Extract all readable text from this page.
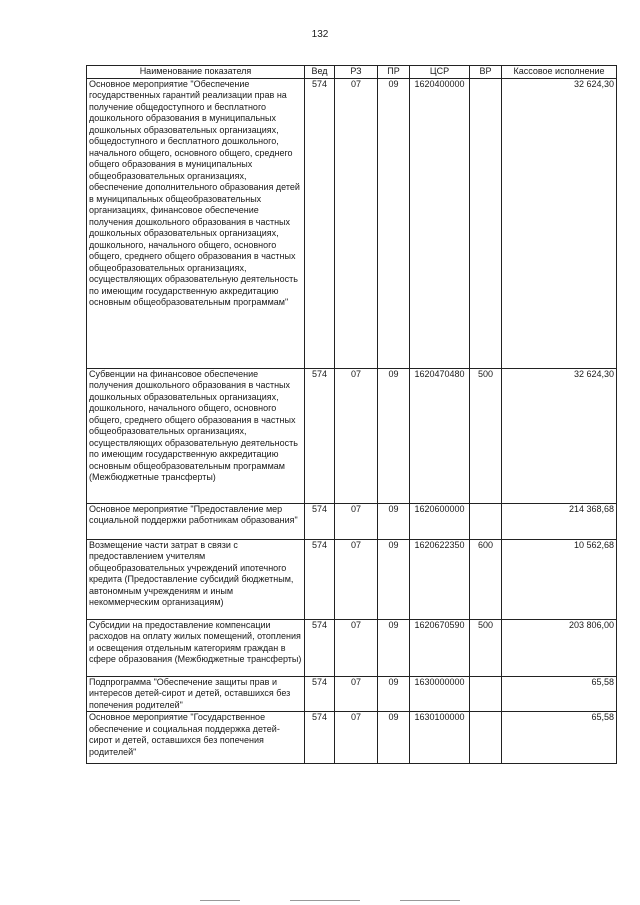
132
Наименование показателя	Вед	РЗ	ПР	ЦСР	ВР	Кассовое исполнение
Основное мероприятие "Обеспечение государственных гарантий реализации прав на получение общедоступного и бесплатного дошкольного образования в муниципальных дошкольных образовательных организациях, общедоступного и бесплатного дошкольного, начального общего, основного общего, среднего общего образования в муниципальных общеобразовательных организациях, обеспечение дополнительного образования детей в муниципальных общеобразовательных организациях, финансовое обеспечение получения дошкольного образования в частных дошкольных образовательных организациях, дошкольного, начального общего, основного общего, среднего общего образования в частных общеобразовательных организациях, осуществляющих образовательную деятельность по имеющим государственную аккредитацию основным общеобразовательным программам"	574	07	09	1620400000		32 624,30
Субвенции на финансовое обеспечение получения дошкольного образования в частных дошкольных образовательных организациях, дошкольного, начального общего, основного общего, среднего общего образования в частных общеобразовательных организациях, осуществляющих образовательную деятельность по имеющим государственную аккредитацию основным общеобразовательным программам (Межбюджетные трансферты)	574	07	09	1620470480	500	32 624,30
Основное мероприятие "Предоставление мер социальной поддержки работникам образования"	574	07	09	1620600000		214 368,68
Возмещение части затрат в связи с предоставлением учителям общеобразовательных учреждений ипотечного кредита (Предоставление субсидий бюджетным, автономным учреждениям и иным некоммерческим организациям)	574	07	09	1620622350	600	10 562,68
Субсидии на предоставление компенсации расходов на оплату жилых помещений, отопления и освещения отдельным категориям граждан в сфере образования (Межбюджетные трансферты)	574	07	09	1620670590	500	203 806,00
Подпрограмма "Обеспечение защиты прав и интересов детей-сирот и детей, оставшихся без попечения родителей"	574	07	09	1630000000		65,58
Основное мероприятие "Государственное обеспечение и социальная поддержка детей-сирот и детей, оставшихся без попечения родителей"	574	07	09	1630100000		65,58
